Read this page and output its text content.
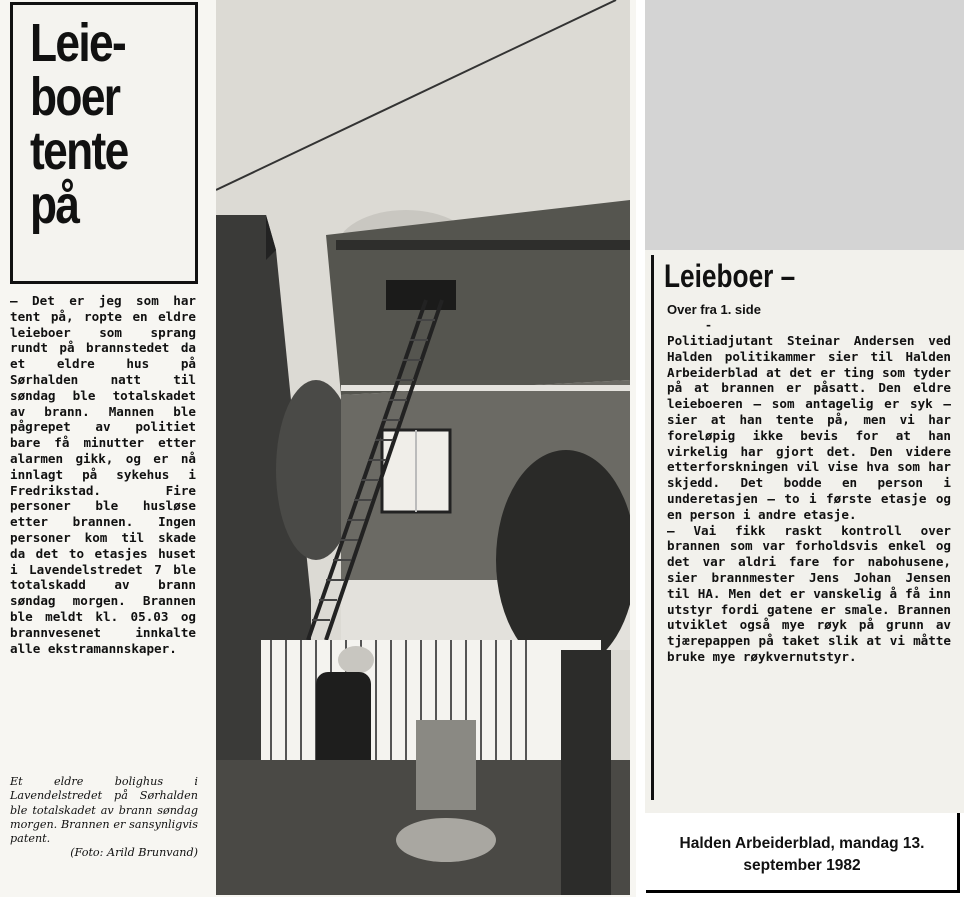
Leie-
boer
tente
på
– Det er jeg som har tent på, ropte en eldre leieboer som sprang rundt på brannstedet da et eldre hus på Sørhalden natt til søndag ble totalskadet av brann. Mannen ble pågrepet av politiet bare få minutter etter alarmen gikk, og er nå innlagt på sykehus i Fredrikstad. Fire personer ble husløse etter brannen. Ingen personer kom til skade da det to etasjes huset i Lavendelstredet 7 ble totalskadd av brann søndag morgen. Brannen ble meldt kl. 05.03 og brannvesenet innkalte alle ekstramannskaper.
Et eldre bolighus i Lavendelstredet på Sørhalden ble totalskadet av brann søndag morgen. Brannen er sansynligvis patent.
(Foto: Arild Brunvand)
Leieboer –
Over fra 1. side
-

Politiadjutant Steinar Andersen ved Halden politikammer sier til Halden Arbeiderblad at det er ting som tyder på at brannen er påsatt. Den eldre leieboeren – som antagelig er syk – sier at han tente på, men vi har foreløpig ikke bevis for at han virkelig har gjort det. Den videre etterforskningen vil vise hva som har skjedd. Det bodde en person i underetasjen – to i første etasje og en person i andre etasje.

– Vai fikk raskt kontroll over brannen som var forholdsvis enkel og det var aldri fare for nabohusene, sier brannmester Jens Johan Jensen til HA. Men det er vanskelig å få inn utstyr fordi gatene er smale. Brannen utviklet også mye røyk på grunn av tjærepappen på taket slik at vi måtte bruke mye røykvernutstyr.

Halden Arbeiderblad, mandag 13.
september 1982
